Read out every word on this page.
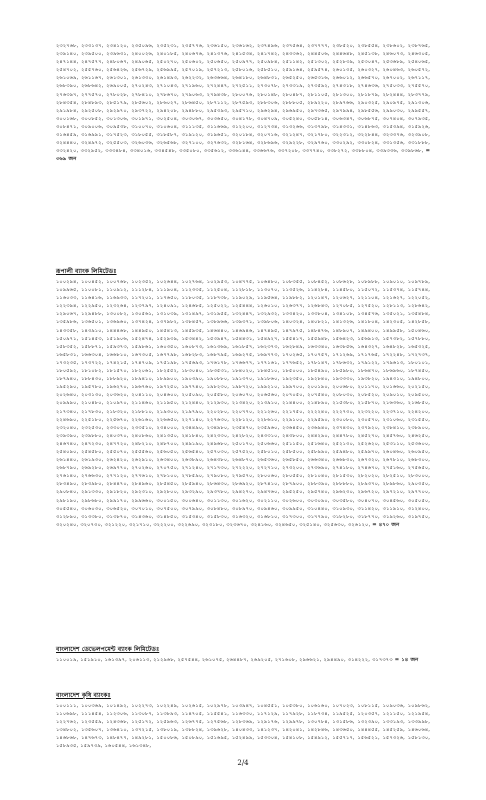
২৩২৭৬৮, ২৩৩১৩৭, ২৩৪১২০, ২৩৫০৯৬, ২৩৫২৩১, ২৩৫৭৭৬, ২৩৬১৫০, ২৩৬১৬২, ২৩৭৪৯৬, ২৩৭৫৬৪, ২৩৭৭৭৭, ২৩৮৫২০, ২৩৮৫৫৪, ২৩৮৬০২, ২৩৮৭৬৫, ২৩৯১৪০, ২৩৯৫০০, ২৩৯৬৩১, ২৪০০২৬, ২৪০১৮৫, ২৪০৬৭৬, ২৪১৩৭৬, ২৪১৫৩৪, ২৪১৭৪২, ২৪৩৩৬২, ২৪৪৫০৬, ২৪৪৬৪৮, ২৪৫১৩৮, ২৪৬০৭৩, ২৪৬৩০৫, ২৪৭১৪৪, ২৪৭৫৭৭, ২৪৮০৬৭, ২৪৯০৬৫, ২৫০২৭০, ২৫০৬০২, ২৫০৬৫০, ২৫০৯৭৭, ২৫০৯৮৪, ২৫১১৪২, ২৫১৩০২, ২৫২৮৩৯, ২৫৩০৪৭, ২৫৩৬৮৯, ২৫৪০৬৫, ২৫৪৭০২, ২৫৫৭৬০, ২৫৬৪২৬, ২৫৬৭২৯, ২৫৬৯৯৫, ২৫৭০১৯, ২৫৭২১৩, ২৫৮০১৬, ২৫৮৫১০, ২৫৯১৬৪, ২৫৯৫৭৪, ২৬০১৩৫, ২৬০৩২৭, ২৬০৪৬৩, ২৬০৫৭২, ২৬১০৬৯, ২৬১১৬৭, ২৬১৩০১, ২৬১৩৩০, ২৬১৪৯৩, ২৬২২৩২, ২৬৩৬৬৪, ২৬৪১৮০, ২৬৪৮৩১, ২৬৫২৫০, ২৬৫৩১৬, ২৬৬০১২, ২৬৬৫৭০, ২৬৭০০২, ২৬৭১১৭, ২৬৮৩৯০, ২৬৮৬৪২, ২৬৯০০৫, ২৭০২৪৩, ২৭১০৪৩, ২৭১৯৬০, ২৭২৪৪৭, ২৭২৫১১, ২৭৩০৭৮, ২৭৩৩১৯, ২৭৩৫৯২, ২৭৪৩১৮, ২৭৪৬৩৬, ২৭৫০৩৩, ২৭৫৫৭০, ২৭৬৩৯৭, ২৭৭৫৭০, ২৭৮০২৮, ২৭৮৪১০, ২৭৮৬৭০, ২৭৯০৬৩, ২৭৯৪৩৮, ২৮০০৭৬, ২৮০১৪৮, ২৮০৪৮৭, ২৮১১০৫, ২৮১৩০০, ২৮১৮৭৯, ২৮২৪৪৪, ২৮৩৭৭৯, ২৮৪৩৫৪, ২৮৪৮৯৩, ২৮৫১৭৯, ২৮৫৬০২, ২৮৬০২৭, ২৮৬৪৫০, ২৮৭১১২, ২৮৭৫৯৩, ২৮৮৩০৬, ২৮৮৮০৫, ২৮৯২২০, ২৮৯৭৬৬, ২৯০৩২৫, ২৯০৯৭৫, ২৯১৩০৬, ২৯১৯৮৪, ২৯২৫০৮, ২৯২৯৭০, ২৯৩৭২২, ২৯৪২০৮, ২৯৪৮৮০, ২৯৫৩৯৩, ২৯৫৭১০, ২৯৬২৯৪, ২৯৬৯৫০, ২৯৭৩৬৫, ২৯৭৯৯৪, ২৯৮৫৫৬, ২৯৯০৩০, ২৯৯৫৫৭, ৩০০১৬৮, ৩০০৮৫২, ৩০১৩০৬, ৩০১৯৭১, ৩০২৫০৪, ৩০৩০৬৭, ৩০৩৬৫০, ৩০৪১৭৮, ৩০৪৭০৯, ৩০৫২৪০, ৩০৫৮১৪, ৩০৬৩৪৭, ৩০৬৮৭৫, ৩০৭৪০৪, ৩০৭৯৩৫, ৩০৮৪৭১, ৩০৯০০৬, ৩০৯৫৩৮, ৩১০০৭০, ৩১০৬০৪, ৩১১১৩৫, ৩১১৬৬৯, ৩১২২০০, ৩১২৭৩৪, ৩১৩২৬৬, ৩১৩৭৯৮, ৩১৪৩৩১, ৩১৪৮৬৩, ৩১৫৩৯৪, ৩১৫৯২৬, ৩১৬৪৫৯, ৩১৬৯৯১, ৩১৭৫২৩, ৩১৮০৫৫, ৩১৮৫৮৭, ৩১৯১২০, ৩১৯৬৫১, ৩২০১৮৪, ৩২০৭১৬, ৩২১২৪৭, ৩২১৭৮০, ৩২২৩১২, ৩২২৮৪৪, ৩২৩৩৭৬, ৩২৩৯০৮, ৩২৪৪৪০, ৩২৪৯৭২, ৩২৫৫০৩, ৩২৬০৩৬, ৩২৬৫৬৮, ৩২৭১০০, ৩২৭৬৩২, ৩২৮১৬৪, ৩২৮৬৯৬, ৩২৯২২৮, ৩২৯৭৬০, ৩৩০২৯২, ৩৩০৮২৪, ৩৩১৩৫৬, ৩৩১৮৮৮, ৩৩২৪২০, ৩৩২৯৫২, ৩৩৩৪৮৪, ৩৩৪০১৬, ৩৩৪৫৪৮, ৩৩৫০৮০, ৩৩৫৬১২, ৩৩৬১৪৪, ৩৩৬৬৭৬, ৩৩৭২০৮, ৩৩৭৭৪০, ৩৩৮২৭২, ৩৩৮৮০৪, ৩৩৯৩৩৬, ৩৩৯৮৬৮, = ৩৬৯ জন

রূপালী ব্যাংক লিমিটেডঃ

১০০২৯৪, ১০০৪৫২, ১০০৭৬৮, ১০২৩৫২, ১০২৬৪৪, ১০২৭৬৪, ১০২৯৫৩, ১০৪৭৭৫, ১০৬৪৮০, ১০৮৩৫৫, ১০৮৪৫২, ১০৮৬২৮, ১০৮৯৮৮, ১০৯০১০, ১০৯৭৮৯, ১০৯৯৬৫, ১১০০৮১, ১১০৯১২, ১১১২৮৪, ১১১৯০৪, ১১২৩৩৫, ১১২৫০৪, ১১২৮১৮, ১১৩০৭০, ১১৩৫২৬, ১১৪২৮৪, ১১৪৫৮০, ১১৫০৭২, ১১৫৩৭৪, ১১৫৭৪৪, ১১৬০৩৩, ১১৬৪১৬, ১১৬৯৩৩, ১১৭২০১, ১১৭৬৫০, ১১৮০৩৫, ১১৮৭৩৮, ১১৯০২৯, ১১৯৫৬৪, ১১৯৮৮২, ১২০১৪৭, ১২০৬২৭, ১২১১০৪, ১২১৬২৭, ১২২০৫২, ১২২৩৯৪, ১২২৯৫০, ১২৩২৬৪, ১২৩৭৯৭, ১২৪০৯১, ১২৪৬৮৫, ১২৫০২২, ১২৫৪৪৪, ১২৬০১০, ১২৬৩৭৭, ১২৬৮৪৩, ১২৭০৮৫, ১২৭৫২০, ১২৮১১৩, ১২৮৬৪২, ১২৯০৬৭, ১২৯৪৮৮, ১৩০০৮২, ১৩০৫৬১, ১৩১০৩৯, ১৩১৪৯৭, ১৩১৯৫৫, ১৩২৪৪৭, ১৩২৯৩২, ১৩৩৪২০, ১৩৩৮০৪, ১৩৪১০৮, ১৩৪৫৭৬, ১৩৫০২১, ১৩৫৪৮৪, ১৩৫৯৮৬, ১৩৬৫০১, ১৩৬৯৬০, ১৩৭৪২৪, ১৩৭৯৮২, ১৩৮৪৫৭, ১৩৮৯৬৬, ১৩৯৩৭১, ১৩৯৮০৬, ১৪০৩২৪, ১৪০৮২১, ১৪১৩২৬, ১৪১৮০৪, ১৪২৩০৫, ১৪২৮৫৮, ১৪৩৩৫৮, ১৪৩৯১০, ১৪৪৪৬৮, ১৪৪৯৫০, ১৪৫৪১৩, ১৪৫৯৩৫, ১৪৬৪৪০, ১৪৬৯৪৬, ১৪৭৪৯৫, ১৪৭৯৭৫, ১৪৮৪৭৬, ১৪৮৯০৭, ১৪৯৪০০, ১৪৯৯৫৮, ১৫০৪৬০, ১৫০৯৭১, ১৫১৪৫৩, ১৫১৯০৬, ১৫২৪৭৪, ১৫২৯৩৯, ১৫৩৪৪২, ১৫৩৯৪৭, ১৫৪৪৩১, ১৫৪৯২৭, ১৫৫৪১৭, ১৫৫৯৪৮, ১৫৬৪২৩, ১৫৬৯১৩, ১৫৭৩৮২, ১৫৭৮৮০, ১৫৮৩৫২, ১৫৮৮৭১, ১৫৯৩৭৩, ১৫৯৮৬১, ১৬০৩৫০, ১৬০৮৭৩, ১৬১৩৬৯, ১৬১৮৫৭, ১৬২৩৭৩, ১৬২৮৪৯, ১৬৩৩৪০, ১৬৩৮৫৬, ১৬৪৩২৭, ১৬৪৮২৮, ১৬৫৩২৫, ১৬৫৮৩১, ১৬৬৩০৪, ১৬৬৮১০, ১৬৭৩০৫, ১৬৭৭৯৮, ১৬৮২৮৩, ১৬৮৭৯৫, ১৬৯২৭৫, ১৬৯৭৭৩, ১৭০২৬৫, ১৭০৭৫৭, ১৭১২৬৯, ১৭১৭৬৫, ১৭২২৪৮, ১৭২৭৩৭, ১৭৩২৩৫, ১৭৩৭২২, ১৭৪২১৫, ১৭৪৭০৯, ১৭৫১৯৮, ১৭৫৬৯৩, ১৭৬১৭৮, ১৭৬৬৭৭, ১৭৭১৬১, ১৭৭৬৫২, ১৭৮১৪৭, ১৭৮৬৩২, ১৭৯১২২, ১৭৯৬১৩, ১৮০১০১, ১৮০৫৯২, ১৮১০৮২, ১৮১৫৭০, ১৮২০৬১, ১৮২৫৫২, ১৮৩০৪০, ১৮৩৫৩১, ১৮৪০২০, ১৮৪৫১০, ১৮৫০০০, ১৮৫৪৯০, ১৮৫৯৮০, ১৮৬৪৭০, ১৮৬৯৬০, ১৮৭৪৫০, ১৮৭৯৪০, ১৮৮৪৩০, ১৮৮৯২০, ১৮৯৪১০, ১৮৯৯০০, ১৯০৩৯০, ১৯০৮৮০, ১৯১৩৭০, ১৯১৮৬০, ১৯২৩৫০, ১৯২৮৪০, ১৯৩৩৩০, ১৯৩৮২০, ১৯৪৩১০, ১৯৪৮০০, ১৯৫২৯০, ১৯৫৭৮০, ১৯৬২৭০, ১৯৬৭৬০, ১৯৭২৫০, ১৯৭৭৪০, ১৯৮২৩০, ১৯৮৭২০, ১৯৯২১০, ১৯৯৭০০, ২০০১৯০, ২০০৬৮০, ২০১১৭০, ২০১৬৬০, ২০২১৫০, ২০২৬৪০, ২০৩১৩০, ২০৩৬২০, ২০৪১১০, ২০৪৬০০, ২০৫০৯০, ২০৫৫৮০, ২০৬০৭০, ২০৬৫৬০, ২০৭০৫০, ২০৭৫৪০, ২০৮০৩০, ২০৮৫২০, ২০৯০১০, ২০৯৫০০, ২০৯৯৯০, ২১০৪৮০, ২১০৯৭০, ২১১৪৬০, ২১১৯৫০, ২১২৪৪০, ২১২৯৩০, ২১৩৪২০, ২১৩৯১০, ২১৪৪০০, ২১৪৮৯০, ২১৫৩৮০, ২১৫৮৭০, ২১৬৩৬০, ২১৬৮৫০, ২১৭৩৪০, ২১৭৮৩০, ২১৮৩২০, ২১৮৮১০, ২১৯৩০০, ২১৯৭৯০, ২২০২৮০, ২২০৭৭০, ২২১২৬০, ২২১৭৫০, ২২২২৪০, ২২২৭৩০, ২২৩২২০, ২২৩৭১০, ২২৪২০০, ২২৪৬৯০, ২২৫১৮০, ২২৫৬৭০, ২২৬১৬০, ২২৬৬৫০, ২২৭১৪০, ২২৭৬৩০, ২২৮১২০, ২২৮৬১০, ২২৯১০০, ২২৯৫৯০, ২৩০০৮০, ২৩০৫৭০, ২৩১০৬০, ২৩১৫৫০, ২৩২০৪০, ২৩২৫৩০, ২৩৩০২০, ২৩৩৫১০, ২৩৪০০০, ২৩৪৪৯০, ২৩৪৯৮০, ২৩৫৪৭০, ২৩৫৯৬০, ২৩৬৪৫০, ২৩৬৯৪০, ২৩৭৪৩০, ২৩৭৯২০, ২৩৮৪১০, ২৩৮৯০০, ২৩৯৩৯০, ২৩৯৮৮০, ২৪০৩৭০, ২৪০৮৬০, ২৪১৩৫০, ২৪১৮৪০, ২৪২৩৩০, ২৪২৮২০, ২৪৩৩১০, ২৪৩৮০০, ২৪৪২৯০, ২৪৪৭৮০, ২৪৫২৭০, ২৪৫৭৬০, ২৪৬২৫০, ২৪৬৭৪০, ২৪৭২৩০, ২৪৭৭২০, ২৪৮২১০, ২৪৮৭০০, ২৪৯১৯০, ২৪৯৬৮০, ২৫০১৭০, ২৫০৬৬০, ২৫১১৫০, ২৫১৬৪০, ২৫২১৩০, ২৫২৬২০, ২৫৩১১০, ২৫৩৬০০, ২৫৪০৯০, ২৫৪৫৮০, ২৫৫০৭০, ২৫৫৫৬০, ২৫৬০৫০, ২৫৬৫৪০, ২৫৭০৩০, ২৫৭৫২০, ২৫৮০১০, ২৫৮৫০০, ২৫৮৯৯০, ২৫৯৪৮০, ২৫৯৯৭০, ২৬০৪৬০, ২৬০৯৫০, ২৬১৪৪০, ২৬১৯৩০, ২৬২৪২০, ২৬২৯১০, ২৬৩৪০০, ২৬৩৮৯০, ২৬৪৩৮০, ২৬৪৮৭০, ২৬৫৩৬০, ২৬৫৮৫০, ২৬৬৩৪০, ২৬৬৮৩০, ২৬৭৩২০, ২৬৭৮১০, ২৬৮৩০০, ২৬৮৭৯০, ২৬৯২৮০, ২৬৯৭৭০, ২৭০২৬০, ২৭০৭৫০, ২৭১২৪০, ২৭১৭৩০, ২৭২২২০, ২৭২৭১০, ২৭৩২০০, ২৭৩৬৯০, ২৭৪১৮০, ২৭৪৬৭০, ২৭৫১৬০, ২৭৫৬৫০, ২৭৬১৪০, ২৭৬৬৩০, ২৭৭১২০, ২৭৭৬১০, ২৭৮১০০, ২৭৮৫৯০, ২৭৯০৮০, ২৭৯৫৭০, ২৮০০৬০, ২৮০৫৫০, ২৮১০৪০, ২৮১৫৩০, ২৮২০২০, ২৮২৫১০, ২৮৩০০০, ২৮৩৪৯০, ২৮৩৯৮০, ২৮৪৪৭০, ২৮৪৯৬০, ২৮৫৪৫০, ২৮৫৯৪০, ২৮৬৪৩০, ২৮৬৯২০, ২৮৭৪১০, ২৮৭৯০০, ২৮৮৩৯০, ২৮৮৮৮০, ২৮৯৩৭০, ২৮৯৮৬০, ২৯০৩৫০, ২৯০৮৪০, ২৯১৩৩০, ২৯১৮২০, ২৯২৩১০, ২৯২৮০০, ২৯৩২৯০, ২৯৩৭৮০, ২৯৪২৭০, ২৯৪৭৬০, ২৯৫২৫০, ২৯৫৭৪০, ২৯৬২৩০, ২৯৬৭২০, ২৯৭২১০, ২৯৭৭০০, ২৯৮১৯০, ২৯৮৬৮০, ২৯৯১৭০, ২৯৯৬৬০, ৩০০১৫০, ৩০০৬৪০, ৩০১১৩০, ৩০১৬২০, ৩০২১১০, ৩০২৬০০, ৩০৩০৯০, ৩০৩৫৮০, ৩০৪০৭০, ৩০৪৫৬০, ৩০৫০৫০, ৩০৫৫৪০, ৩০৬০৩০, ৩০৬৫২০, ৩০৭০১০, ৩০৭৫০০, ৩০৭৯৯০, ৩০৮৪৮০, ৩০৮৯৭০, ৩০৯৪৬০, ৩০৯৯৫০, ৩১০৪৪০, ৩১০৯৩০, ৩১১৪২০, ৩১১৯১০, ৩১২৪০০, ৩১২৮৯০, ৩১৩৩৮০, ৩১৩৮৭০, ৩১৪৩৬০, ৩১৪৮৫০, ৩১৫৩৪০, ৩১৫৮৩০, ৩১৬৩২০, ৩১৬৮১০, ৩১৭৩০০, ৩১৭৭৯০, ৩১৮২৮০, ৩১৮৭৭০, ৩১৯২৬০, ৩১৯৭৫০, ৩২০২৪০, ৩২০৭৩০, ৩২১২২০, ৩২১৭১০, ৩২২২০০, ৩২২৬৯০, ৩২৩১৮০, ৩২৩৬৭০, ৩২৪১৬০, ৩২৪৬৫০, ৩২৫১৪০, ৩২৫৬৩০, ৩২৬১২০, = ৪৭০ জন

বাংলাদেশ ডেভেলপমেন্ট ব্যাংক লিমিটেডঃ

১১০০১৯, ১৫১৯১০, ১৬১৩৯৭, ২০৬১১৩, ২১২৯৬৮, ২৫৭৫৪৪, ২৬১০৭৫, ২৬৪৪৮৭, ২৬৯২০৫, ২৭১৬০৮, ২৯৬৬২১, ২৯৪৪৯০, ৩১৪২২২, ৩১৭৩৭৩ = ১৪ জন

বাংলাদেশ কৃষি ব্যাংকঃ

১০০১১১, ১০০৩৬৯, ১০১৪৯২, ১০২২৭৩, ১০২২৪৯, ১০২৬১৫, ১০২৯৭৮, ১০৩৯৪৭, ১০৪৫৫১, ১০৫৩৮০, ১০৬১৬০, ১০৭০২৩, ১০৮১১৫, ১০৯০৩৬, ১০৯৮৬২, ১১০৬৯৮, ১১১৪৫৪, ১১২৩০৬, ১১৩০৮৭, ১১৩৮৯৩, ১১৪৭০৫, ১১৫৫৪১, ১১৬৩৩০, ১১৭১২৯, ১১৭৯২৮, ১১৮৭৩৪, ১১৯৫২৫, ১২০৩৫৭, ১২১১৫০, ১২১৯৫৪, ১২২৭৬২, ১২৩৫৫৯, ১২৪৩৬৮, ১২৫১৭২, ১২৫৯৬৩, ১২৬৭৭৫, ১২৭৫৬৮, ১২৮৩৬৯, ১২৯১৭৬, ১২৯৯৭৮, ১৩০৭৮৪, ১৩১৫৮৬, ১৩২৩৯০, ১৩৩১৯৩, ১৩৩৯৯৮, ১৩৪৮০২, ১৩৫৬০৭, ১৩৬৪১০, ১৩৭২১৫, ১৩৮০১৯, ১৩৮৮২৪, ১৩৯৬২৮, ১৪০৪৩৩, ১৪১২৩৭, ১৪২০৪১, ১৪২৮৪৬, ১৪৩৬৫০, ১৪৪৪৫৫, ১৪৫২৫৯, ১৪৬০৬৪, ১৪৬৮৬৮, ১৪৭৬৭৩, ১৪৮৪৭৭, ১৪৯২৮১, ১৫০০৮৬, ১৫০৮৯০, ১৫১৬৯৫, ১৫২৪৯৯, ১৫৩৩০৪, ১৫৪১০৮, ১৫৪৯১২, ১৫৫৭১৭, ১৫৬৫২১, ১৫৭৩২৬, ১৫৮১৩০, ১৫৮৯৩৫, ১৫৯৭৩৯, ১৬০৫৪৪, ১৬১৩৪৮,

2/4
